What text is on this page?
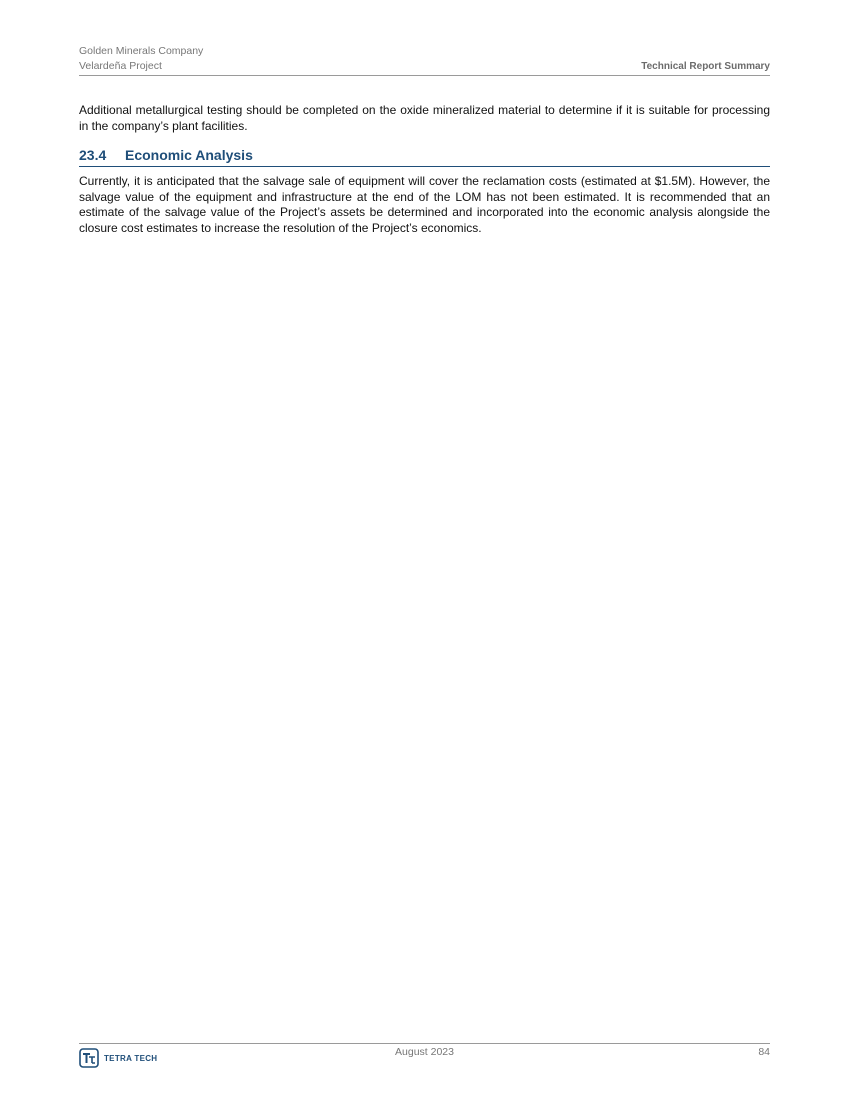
Golden Minerals Company
Velardeña Project	Technical Report Summary

Additional metallurgical testing should be completed on the oxide mineralized material to determine if it is suitable for processing in the company’s plant facilities.

23.4 Economic Analysis

Currently, it is anticipated that the salvage sale of equipment will cover the reclamation costs (estimated at $1.5M). However, the salvage value of the equipment and infrastructure at the end of the LOM has not been estimated. It is recommended that an estimate of the salvage value of the Project’s assets be determined and incorporated into the economic analysis alongside the closure cost estimates to increase the resolution of the Project’s economics.

TETRA TECH	August 2023	84
